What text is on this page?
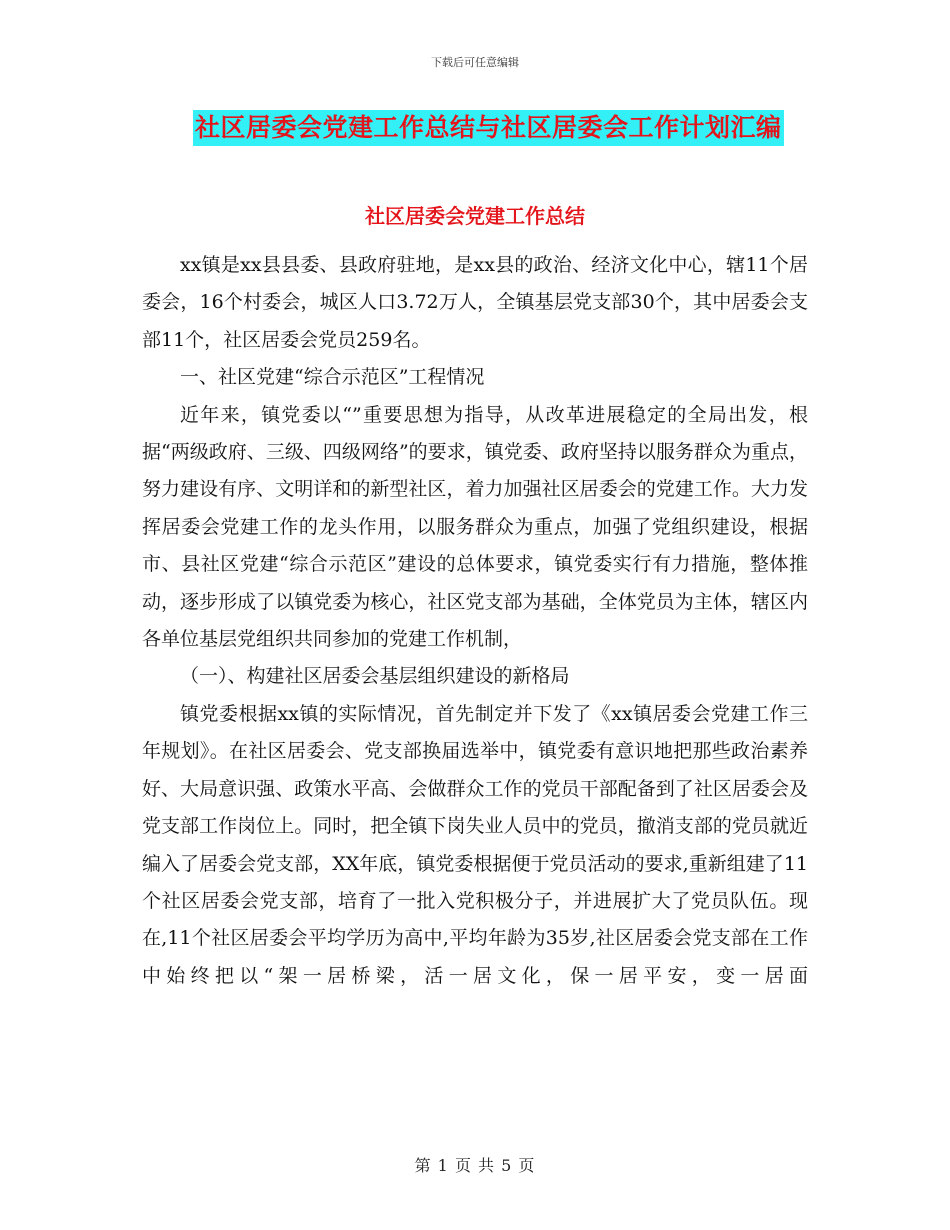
下载后可任意编辑
社区居委会党建工作总结与社区居委会工作计划汇编
社区居委会党建工作总结

xx镇是xx县县委、县政府驻地，是xx县的政治、经济文化中心，辖11个居委会，16个村委会，城区人口3.72万人，全镇基层党支部30个，其中居委会支部11个，社区居委会党员259名。

一、社区党建“综合示范区”工程情况

近年来，镇党委以“”重要思想为指导，从改革进展稳定的全局出发，根据“两级政府、三级、四级网络”的要求，镇党委、政府坚持以服务群众为重点，努力建设有序、文明详和的新型社区，着力加强社区居委会的党建工作。大力发挥居委会党建工作的龙头作用，以服务群众为重点，加强了党组织建设，根据市、县社区党建“综合示范区”建设的总体要求，镇党委实行有力措施，整体推动，逐步形成了以镇党委为核心，社区党支部为基础，全体党员为主体，辖区内各单位基层党组织共同参加的党建工作机制，

（一）、构建社区居委会基层组织建设的新格局

镇党委根据xx镇的实际情况，首先制定并下发了《xx镇居委会党建工作三年规划》。在社区居委会、党支部换届选举中，镇党委有意识地把那些政治素养好、大局意识强、政策水平高、会做群众工作的党员干部配备到了社区居委会及党支部工作岗位上。同时，把全镇下岗失业人员中的党员，撤消支部的党员就近编入了居委会党支部，XX年底，镇党委根据便于党员活动的要求,重新组建了11个社区居委会党支部，培育了一批入党积极分子，并进展扩大了党员队伍。现在,11个社区居委会平均学历为高中,平均年龄为35岁,社区居委会党支部在工作中始终把以“架一居桥梁，活一居文化，保一居平安，变一居面

第 1 页 共 5 页
